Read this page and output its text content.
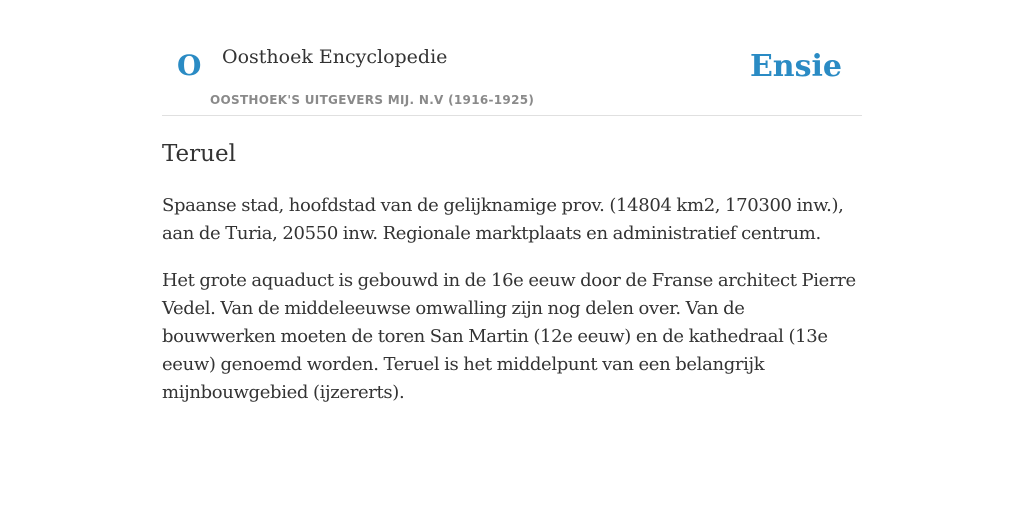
O Oosthoek Encyclopedie
OOSTHOEK'S UITGEVERS MIJ. N.V (1916-1925)
Ensie
Teruel

Spaanse stad, hoofdstad van de gelijknamige prov. (14804 km2, 170300 inw.), aan de Turia, 20550 inw. Regionale marktplaats en administratief centrum.

Het grote aquaduct is gebouwd in de 16e eeuw door de Franse architect Pierre Vedel. Van de middeleeuwse omwalling zijn nog delen over. Van de bouwwerken moeten de toren San Martin (12e eeuw) en de kathedraal (13e eeuw) genoemd worden. Teruel is het middelpunt van een belangrijk mijnbouwgebied (ijzererts).
